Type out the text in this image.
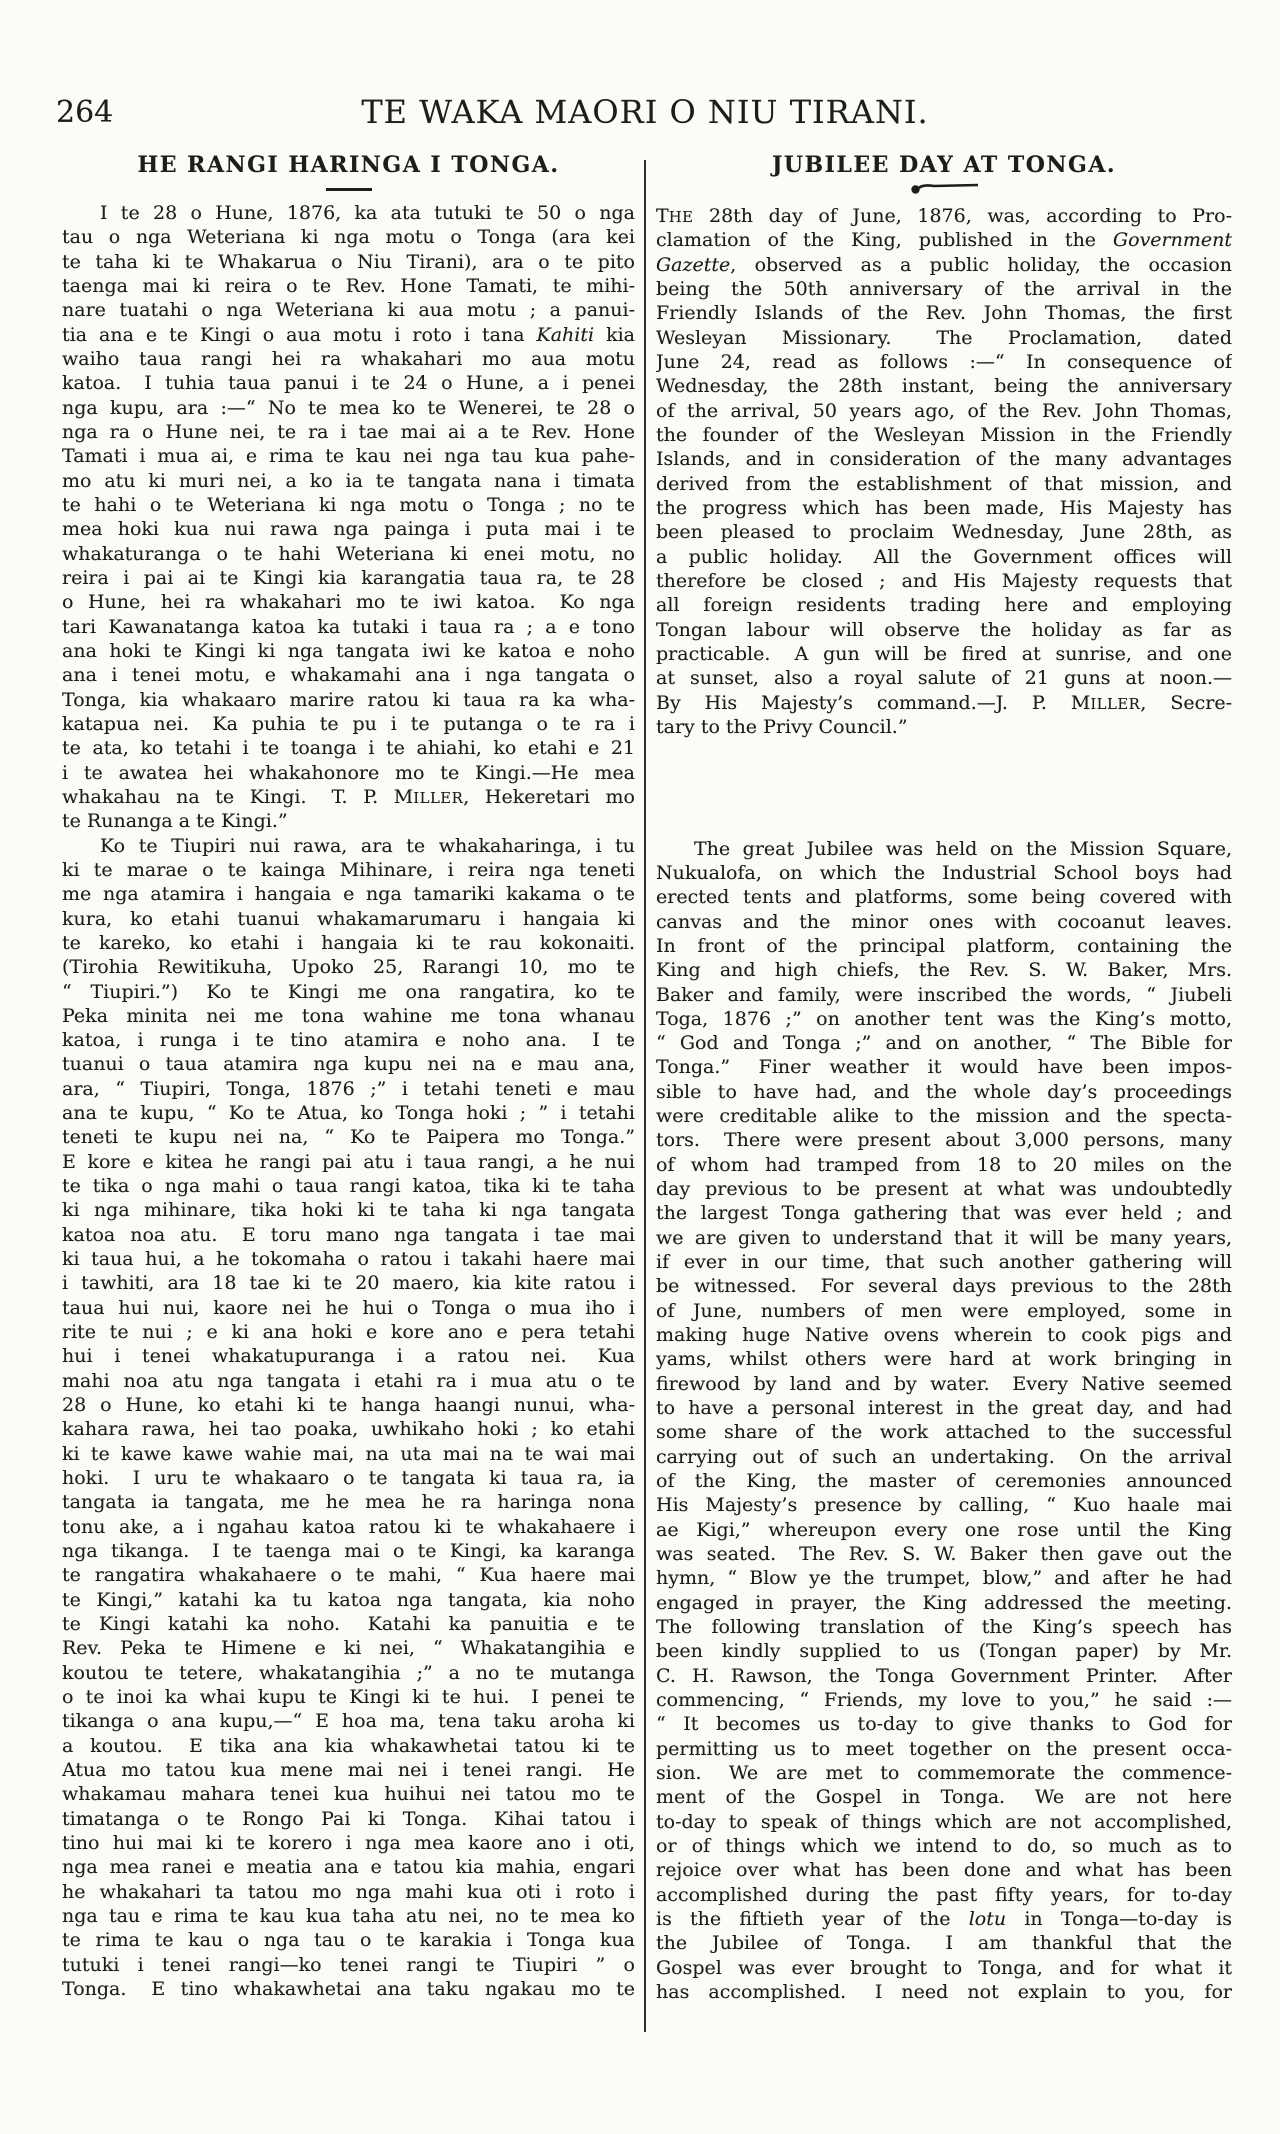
264	TE WAKA MAORI O NIU TIRANI.
HE RANGI HARINGA I TONGA.
  I te 28 o Hune, 1876, ka ata tutuki te 50 o nga
tau o nga Weteriana ki nga motu o Tonga (ara kei
te taha ki te Whakarua o Niu Tirani), ara o te pito
taenga mai ki reira o te Rev. Hone Tamati, te mihi-
nare tuatahi o nga Weteriana ki aua motu ; a panui-
tia ana e te Kingi o aua motu i roto i tana Kahiti kia
waiho taua rangi hei ra whakahari mo aua motu
katoa.  I tuhia taua panui i te 24 o Hune, a i penei
nga kupu, ara :—“ No te mea ko te Wenerei, te 28 o
nga ra o Hune nei, te ra i tae mai ai a te Rev. Hone
Tamati i mua ai, e rima te kau nei nga tau kua pahe-
mo atu ki muri nei, a ko ia te tangata nana i timata
te hahi o te Weteriana ki nga motu o Tonga ; no te
mea hoki kua nui rawa nga painga i puta mai i te
whakaturanga o te hahi Weteriana ki enei motu, no
reira i pai ai te Kingi kia karangatia taua ra, te 28
o Hune, hei ra whakahari mo te iwi katoa.  Ko nga
tari Kawanatanga katoa ka tutaki i taua ra ; a e tono
ana hoki te Kingi ki nga tangata iwi ke katoa e noho
ana i tenei motu, e whakamahi ana i nga tangata o
Tonga, kia whakaaro marire ratou ki taua ra ka wha-
katapua nei.  Ka puhia te pu i te putanga o te ra i
te ata, ko tetahi i te toanga i te ahiahi, ko etahi e 21
i te awatea hei whakahonore mo te Kingi.—He mea
whakahau na te Kingi.  T. P. MILLER, Hekeretari mo
te Runanga a te Kingi.”
  Ko te Tiupiri nui rawa, ara te whakaharinga, i tu
ki te marae o te kainga Mihinare, i reira nga teneti
me nga atamira i hangaia e nga tamariki kakama o te
kura, ko etahi tuanui whakamarumaru i hangaia ki
te kareko, ko etahi i hangaia ki te rau kokonaiti.
(Tirohia Rewitikuha, Upoko 25, Rarangi 10, mo te
“ Tiupiri.”)  Ko te Kingi me ona rangatira, ko te
Peka minita nei me tona wahine me tona whanau
katoa, i runga i te tino atamira e noho ana.  I te
tuanui o taua atamira nga kupu nei na e mau ana,
ara, “ Tiupiri, Tonga, 1876 ;” i tetahi teneti e mau
ana te kupu, “ Ko te Atua, ko Tonga hoki ; ” i tetahi
teneti te kupu nei na, “ Ko te Paipera mo Tonga.”
E kore e kitea he rangi pai atu i taua rangi, a he nui
te tika o nga mahi o taua rangi katoa, tika ki te taha
ki nga mihinare, tika hoki ki te taha ki nga tangata
katoa noa atu.  E toru mano nga tangata i tae mai
ki taua hui, a he tokomaha o ratou i takahi haere mai
i tawhiti, ara 18 tae ki te 20 maero, kia kite ratou i
taua hui nui, kaore nei he hui o Tonga o mua iho i
rite te nui ; e ki ana hoki e kore ano e pera tetahi
hui i tenei whakatupuranga i a ratou nei.  Kua
mahi noa atu nga tangata i etahi ra i mua atu o te
28 o Hune, ko etahi ki te hanga haangi nunui, wha-
kahara rawa, hei tao poaka, uwhikaho hoki ; ko etahi
ki te kawe kawe wahie mai, na uta mai na te wai mai
hoki.  I uru te whakaaro o te tangata ki taua ra, ia
tangata ia tangata, me he mea he ra haringa nona
tonu ake, a i ngahau katoa ratou ki te whakahaere i
nga tikanga.  I te taenga mai o te Kingi, ka karanga
te rangatira whakahaere o te mahi, “ Kua haere mai
te Kingi,” katahi ka tu katoa nga tangata, kia noho
te Kingi katahi ka noho.  Katahi ka panuitia e te
Rev. Peka te Himene e ki nei, “ Whakatangihia e
koutou te tetere, whakatangihia ;” a no te mutanga
o te inoi ka whai kupu te Kingi ki te hui.  I penei te
tikanga o ana kupu,—“ E hoa ma, tena taku aroha ki
a koutou.  E tika ana kia whakawhetai tatou ki te
Atua mo tatou kua mene mai nei i tenei rangi.  He
whakamau mahara tenei kua huihui nei tatou mo te
timatanga o te Rongo Pai ki Tonga.  Kihai tatou i
tino hui mai ki te korero i nga mea kaore ano i oti,
nga mea ranei e meatia ana e tatou kia mahia, engari
he whakahari ta tatou mo nga mahi kua oti i roto i
nga tau e rima te kau kua taha atu nei, no te mea ko
te rima te kau o nga tau o te karakia i Tonga kua
tutuki i tenei rangi—ko tenei rangi te Tiupiri ” o
Tonga.  E tino whakawhetai ana taku ngakau mo te
JUBILEE DAY AT TONGA.
THE 28th day of June, 1876, was, according to Pro-
clamation of the King, published in the Government
Gazette, observed as a public holiday, the occasion
being the 50th anniversary of the arrival in the
Friendly Islands of the Rev. John Thomas, the first
Wesleyan Missionary.  The Proclamation, dated
June 24, read as follows :—“ In consequence of
Wednesday, the 28th instant, being the anniversary
of the arrival, 50 years ago, of the Rev. John Thomas,
the founder of the Wesleyan Mission in the Friendly
Islands, and in consideration of the many advantages
derived from the establishment of that mission, and
the progress which has been made, His Majesty has
been pleased to proclaim Wednesday, June 28th, as
a public holiday.  All the Government offices will
therefore be closed ; and His Majesty requests that
all foreign residents trading here and employing
Tongan labour will observe the holiday as far as
practicable.  A gun will be fired at sunrise, and one
at sunset, also a royal salute of 21 guns at noon.—
By His Majesty’s command.—J. P. MILLER, Secre-
tary to the Privy Council.”
  The great Jubilee was held on the Mission Square,
Nukualofa, on which the Industrial School boys had
erected tents and platforms, some being covered with
canvas and the minor ones with cocoanut leaves.
In front of the principal platform, containing the
King and high chiefs, the Rev. S. W. Baker, Mrs.
Baker and family, were inscribed the words, “ Jiubeli
Toga, 1876 ;” on another tent was the King’s motto,
“ God and Tonga ;” and on another, “ The Bible for
Tonga.”  Finer weather it would have been impos-
sible to have had, and the whole day’s proceedings
were creditable alike to the mission and the specta-
tors.  There were present about 3,000 persons, many
of whom had tramped from 18 to 20 miles on the
day previous to be present at what was undoubtedly
the largest Tonga gathering that was ever held ; and
we are given to understand that it will be many years,
if ever in our time, that such another gathering will
be witnessed.  For several days previous to the 28th
of June, numbers of men were employed, some in
making huge Native ovens wherein to cook pigs and
yams, whilst others were hard at work bringing in
firewood by land and by water.  Every Native seemed
to have a personal interest in the great day, and had
some share of the work attached to the successful
carrying out of such an undertaking.  On the arrival
of the King, the master of ceremonies announced
His Majesty’s presence by calling, “ Kuo haale mai
ae Kigi,” whereupon every one rose until the King
was seated.  The Rev. S. W. Baker then gave out the
hymn, “ Blow ye the trumpet, blow,” and after he had
engaged in prayer, the King addressed the meeting.
The following translation of the King’s speech has
been kindly supplied to us (Tongan paper) by Mr.
C. H. Rawson, the Tonga Government Printer.  After
commencing, “ Friends, my love to you,” he said :—
“ It becomes us to-day to give thanks to God for
permitting us to meet together on the present occa-
sion.  We are met to commemorate the commence-
ment of the Gospel in Tonga.  We are not here
to-day to speak of things which are not accomplished,
or of things which we intend to do, so much as to
rejoice over what has been done and what has been
accomplished during the past fifty years, for to-day
is the fiftieth year of the lotu in Tonga—to-day is
the Jubilee of Tonga.  I am thankful that the
Gospel was ever brought to Tonga, and for what it
has accomplished.  I need not explain to you, for
